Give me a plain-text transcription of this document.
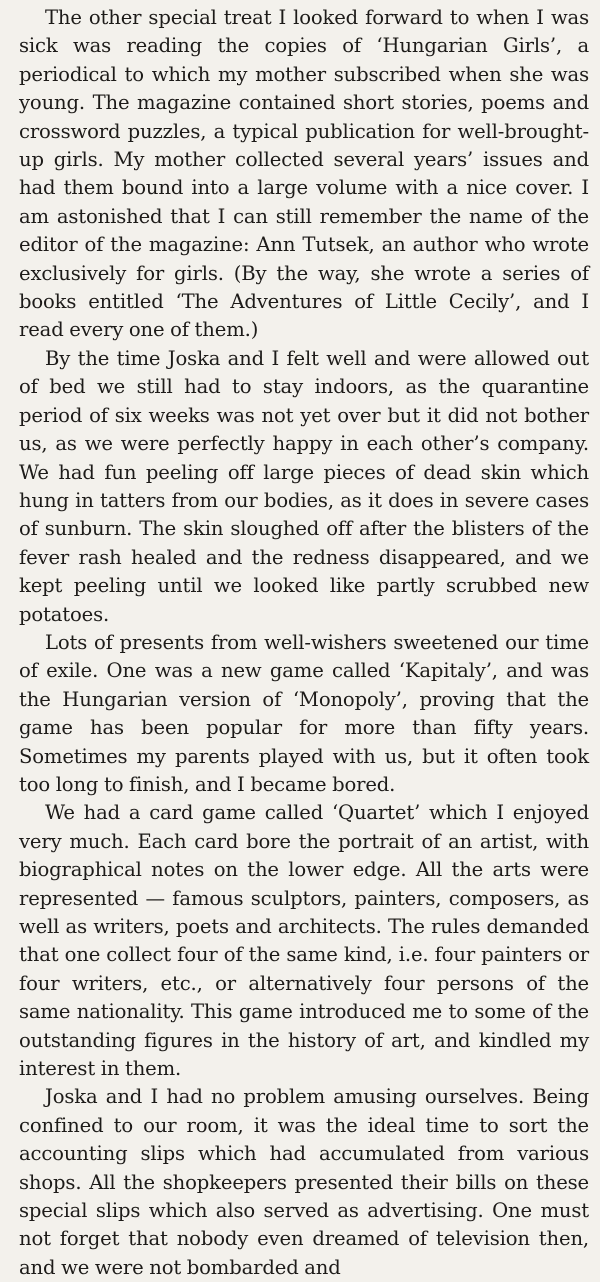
The other special treat I looked forward to when I was sick was reading the copies of ‘Hungarian Girls’, a periodical to which my mother subscribed when she was young. The magazine contained short stories, poems and crossword puzzles, a typical publication for well-brought-up girls. My mother collected several years’ issues and had them bound into a large volume with a nice cover. I am astonished that I can still remember the name of the editor of the magazine: Ann Tutsek, an author who wrote exclusively for girls. (By the way, she wrote a series of books entitled ‘The Adventures of Little Cecily’, and I read every one of them.)

By the time Joska and I felt well and were allowed out of bed we still had to stay indoors, as the quarantine period of six weeks was not yet over but it did not bother us, as we were perfectly happy in each other’s company. We had fun peeling off large pieces of dead skin which hung in tatters from our bodies, as it does in severe cases of sunburn. The skin sloughed off after the blisters of the fever rash healed and the redness disappeared, and we kept peeling until we looked like partly scrubbed new potatoes.

Lots of presents from well-wishers sweetened our time of exile. One was a new game called ‘Kapitaly’, and was the Hungarian version of ‘Monopoly’, proving that the game has been popular for more than fifty years. Sometimes my parents played with us, but it often took too long to finish, and I became bored.

We had a card game called ‘Quartet’ which I enjoyed very much. Each card bore the portrait of an artist, with biographical notes on the lower edge. All the arts were represented — famous sculptors, painters, composers, as well as writers, poets and architects. The rules demanded that one collect four of the same kind, i.e. four painters or four writers, etc., or alternatively four persons of the same nationality. This game introduced me to some of the outstanding figures in the history of art, and kindled my interest in them.

Joska and I had no problem amusing ourselves. Being confined to our room, it was the ideal time to sort the accounting slips which had accumulated from various shops. All the shopkeepers presented their bills on these special slips which also served as advertising. One must not forget that nobody even dreamed of television then, and we were not bombarded and
